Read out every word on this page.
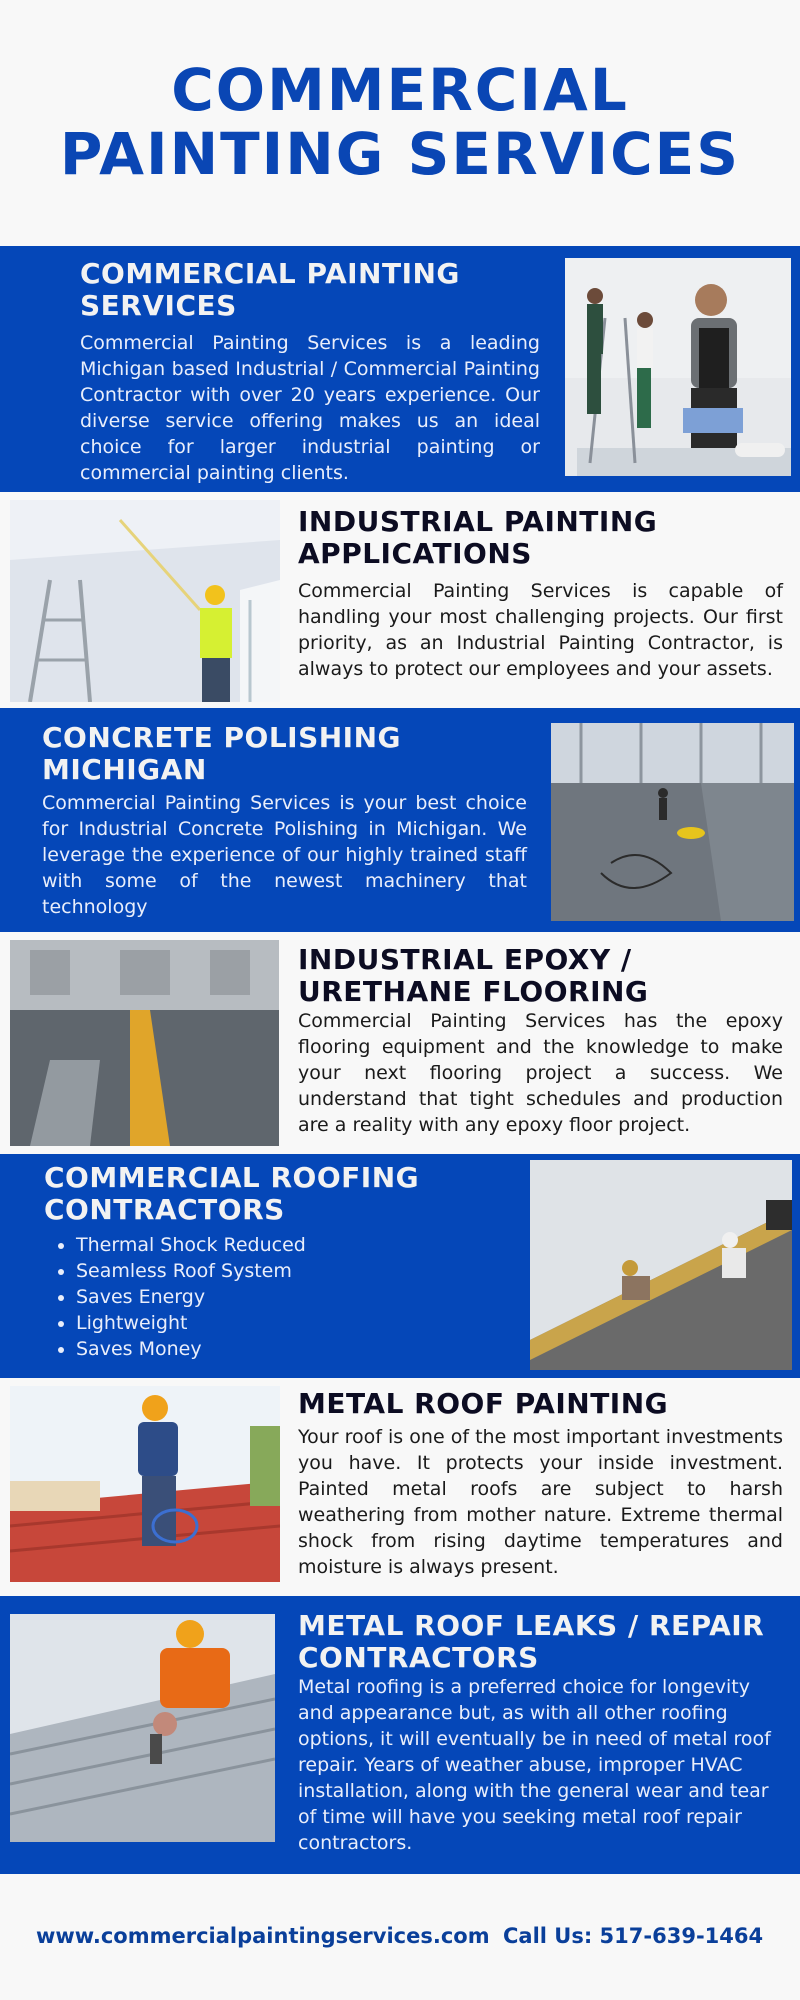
COMMERCIAL
PAINTING SERVICES
COMMERCIAL PAINTING
SERVICES
Commercial Painting Services is a leading Michigan based Industrial / Commercial Painting Contractor with over 20 years experience. Our diverse service offering makes us an ideal choice for larger industrial painting or commercial painting clients.
INDUSTRIAL PAINTING
APPLICATIONS
Commercial Painting Services is capable of handling your most challenging projects. Our first priority, as an Industrial Painting Contractor, is always to protect our employees and your assets.
CONCRETE POLISHING
MICHIGAN
Commercial Painting Services is your best choice for Industrial Concrete Polishing in Michigan. We leverage the experience of our highly trained staff with some of the newest machinery that technology
INDUSTRIAL EPOXY /
URETHANE FLOORING
Commercial Painting Services has the epoxy flooring equipment and the knowledge to make your next flooring project a success. We understand that tight schedules and production are a reality with any epoxy floor project.
COMMERCIAL ROOFING
CONTRACTORS
• Thermal Shock Reduced
• Seamless Roof System
• Saves Energy
• Lightweight
• Saves Money
METAL ROOF PAINTING
Your roof is one of the most important investments you have. It protects your inside investment. Painted metal roofs are subject to harsh weathering from mother nature. Extreme thermal shock from rising daytime temperatures and moisture is always present.
METAL ROOF LEAKS / REPAIR
CONTRACTORS
Metal roofing is a preferred choice for longevity and appearance but, as with all other roofing options, it will eventually be in need of metal roof repair. Years of weather abuse, improper HVAC installation, along with the general wear and tear of time will have you seeking metal roof repair contractors.
www.commercialpaintingservices.com Call Us: 517-639-1464
